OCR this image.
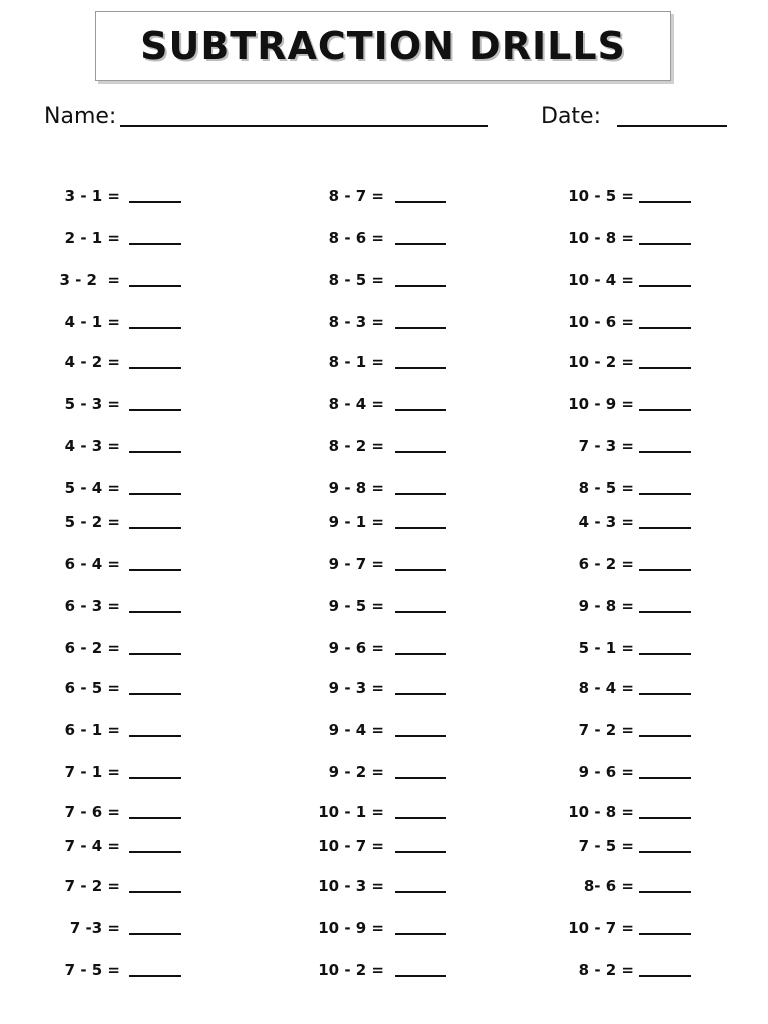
SUBTRACTION DRILLS
Name:	Date:
3 - 1 =
2 - 1 =
3 - 2  =
4 - 1 =
4 - 2 =
5 - 3 =
4 - 3 =
5 - 4 =
5 - 2 =
6 - 4 =
6 - 3 =
6 - 2 =
6 - 5 =
6 - 1 =
7 - 1 =
7 - 6 =
7 - 4 =
7 - 2 =
7 -3 =
7 - 5 =
8 - 7 =
8 - 6 =
8 - 5 =
8 - 3 =
8 - 1 =
8 - 4 =
8 - 2 =
9 - 8 =
9 - 1 =
9 - 7 =
9 - 5 =
9 - 6 =
9 - 3 =
9 - 4 =
9 - 2 =
10 - 1 =
10 - 7 =
10 - 3 =
10 - 9 =
10 - 2 =
10 - 5 =
10 - 8 =
10 - 4 =
10 - 6 =
10 - 2 =
10 - 9 =
7 - 3 =
8 - 5 =
4 - 3 =
6 - 2 =
9 - 8 =
5 - 1 =
8 - 4 =
7 - 2 =
9 - 6 =
10 - 8 =
7 - 5 =
8- 6 =
10 - 7 =
8 - 2 =
